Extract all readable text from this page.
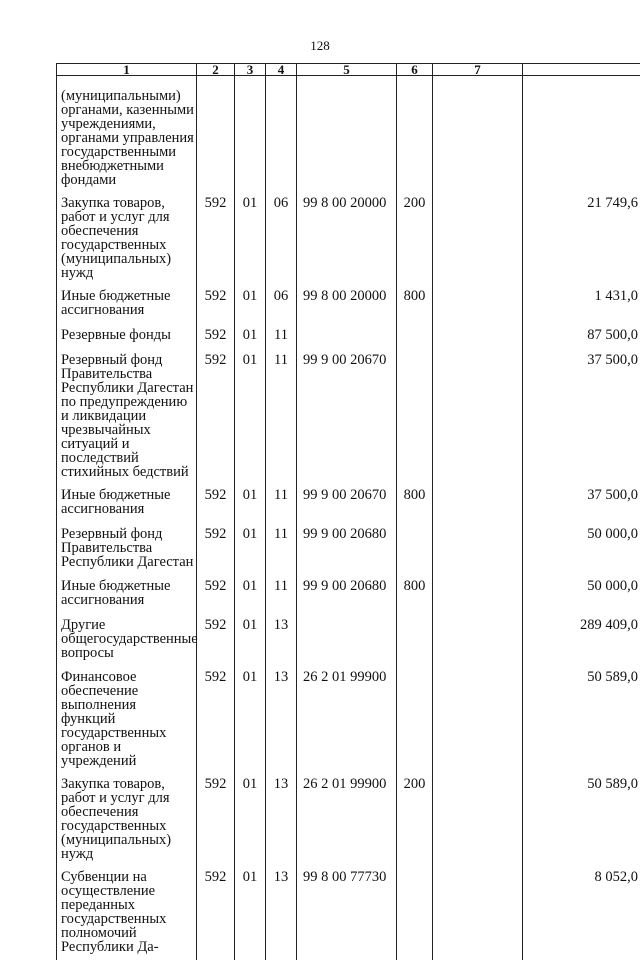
128
1	2	3	4	5	6	7	
(муниципальными) органами, казенными учреждениями, органами управления государственными внебюджетными фондами							
Закупка товаров, работ и услуг для обеспечения государственных (муниципальных) нужд	592	01	06	99 8 00 20000	200		21 749,6
Иные бюджетные ассигнования	592	01	06	99 8 00 20000	800		1 431,0
Резервные фонды	592	01	11				87 500,0
Резервный фонд Правительства Республики Дагестан по предупреждению и ликвидации чрезвычайных ситуаций и последствий стихийных бедствий	592	01	11	99 9 00 20670			37 500,0
Иные бюджетные ассигнования	592	01	11	99 9 00 20670	800		37 500,0
Резервный фонд Правительства Республики Дагестан	592	01	11	99 9 00 20680			50 000,0
Иные бюджетные ассигнования	592	01	11	99 9 00 20680	800		50 000,0
Другие общегосударственные вопросы	592	01	13				289 409,0
Финансовое обеспечение выполнения функций государственных органов и учреждений	592	01	13	26 2 01 99900			50 589,0
Закупка товаров, работ и услуг для обеспечения государственных (муниципальных) нужд	592	01	13	26 2 01 99900	200		50 589,0
Субвенции на осуществление переданных государственных полномочий Республики Да-	592	01	13	99 8 00 77730			8 052,0
